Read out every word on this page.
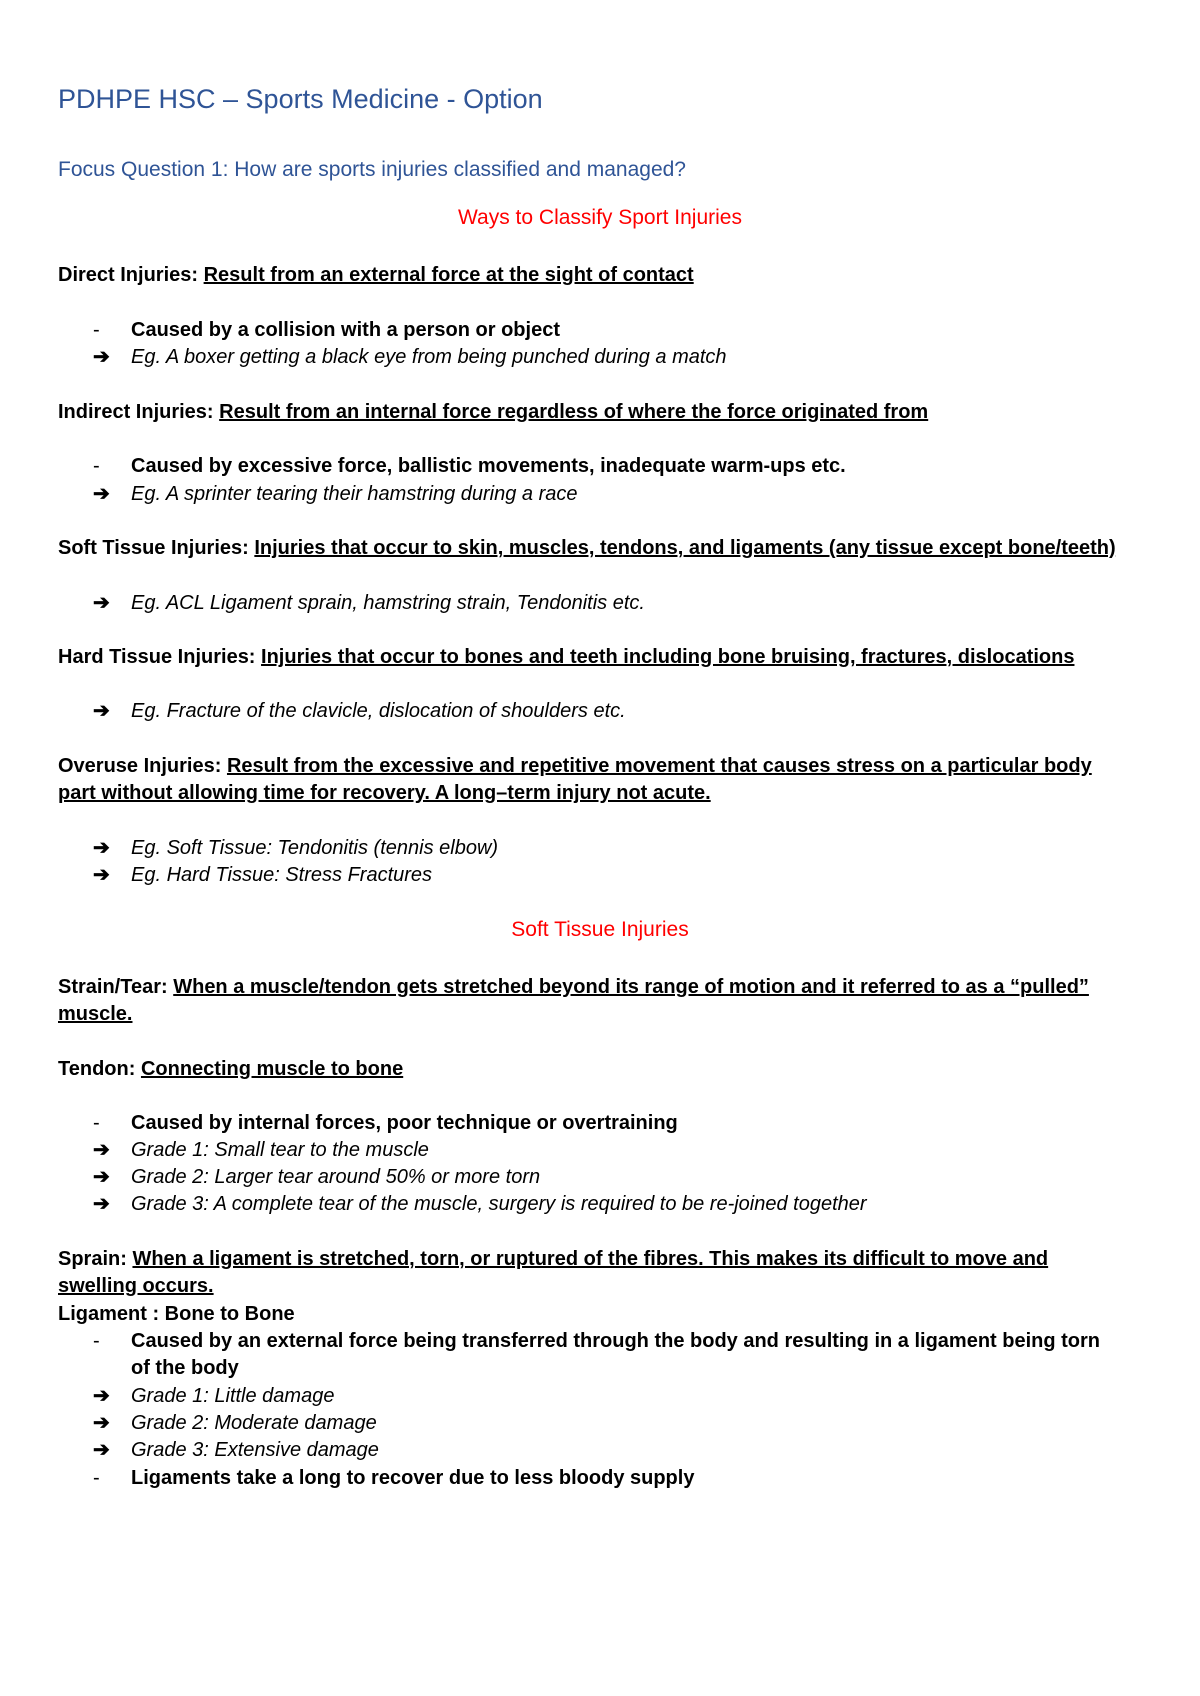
PDHPE HSC – Sports Medicine - Option
Focus Question 1: How are sports injuries classified and managed?
Ways to Classify Sport Injuries
Direct Injuries: Result from an external force at the sight of contact
-	Caused by a collision with a person or object
➔	Eg. A boxer getting a black eye from being punched during a match
Indirect Injuries: Result from an internal force regardless of where the force originated from
-	Caused by excessive force, ballistic movements, inadequate warm-ups etc.
➔	Eg. A sprinter tearing their hamstring during a race
Soft Tissue Injuries: Injuries that occur to skin, muscles, tendons, and ligaments (any tissue except bone/teeth)
➔	Eg. ACL Ligament sprain, hamstring strain, Tendonitis etc.
Hard Tissue Injuries: Injuries that occur to bones and teeth including bone bruising, fractures, dislocations
➔	Eg. Fracture of the clavicle, dislocation of shoulders etc.
Overuse Injuries: Result from the excessive and repetitive movement that causes stress on a particular body
part without allowing time for recovery. A long–term injury not acute.
➔	Eg. Soft Tissue: Tendonitis (tennis elbow)
➔	Eg. Hard Tissue: Stress Fractures
Soft Tissue Injuries
Strain/Tear: When a muscle/tendon gets stretched beyond its range of motion and it referred to as a “pulled”
muscle.
Tendon: Connecting muscle to bone
-	Caused by internal forces, poor technique or overtraining
➔	Grade 1: Small tear to the muscle
➔	Grade 2: Larger tear around 50% or more torn
➔	Grade 3: A complete tear of the muscle, surgery is required to be re-joined together
Sprain: When a ligament is stretched, torn, or ruptured of the fibres. This makes its difficult to move and
swelling occurs.
Ligament : Bone to Bone
-	Caused by an external force being transferred through the body and resulting in a ligament being torn
of the body
➔	Grade 1: Little damage
➔	Grade 2: Moderate damage
➔	Grade 3: Extensive damage
-	Ligaments take a long to recover due to less bloody supply
